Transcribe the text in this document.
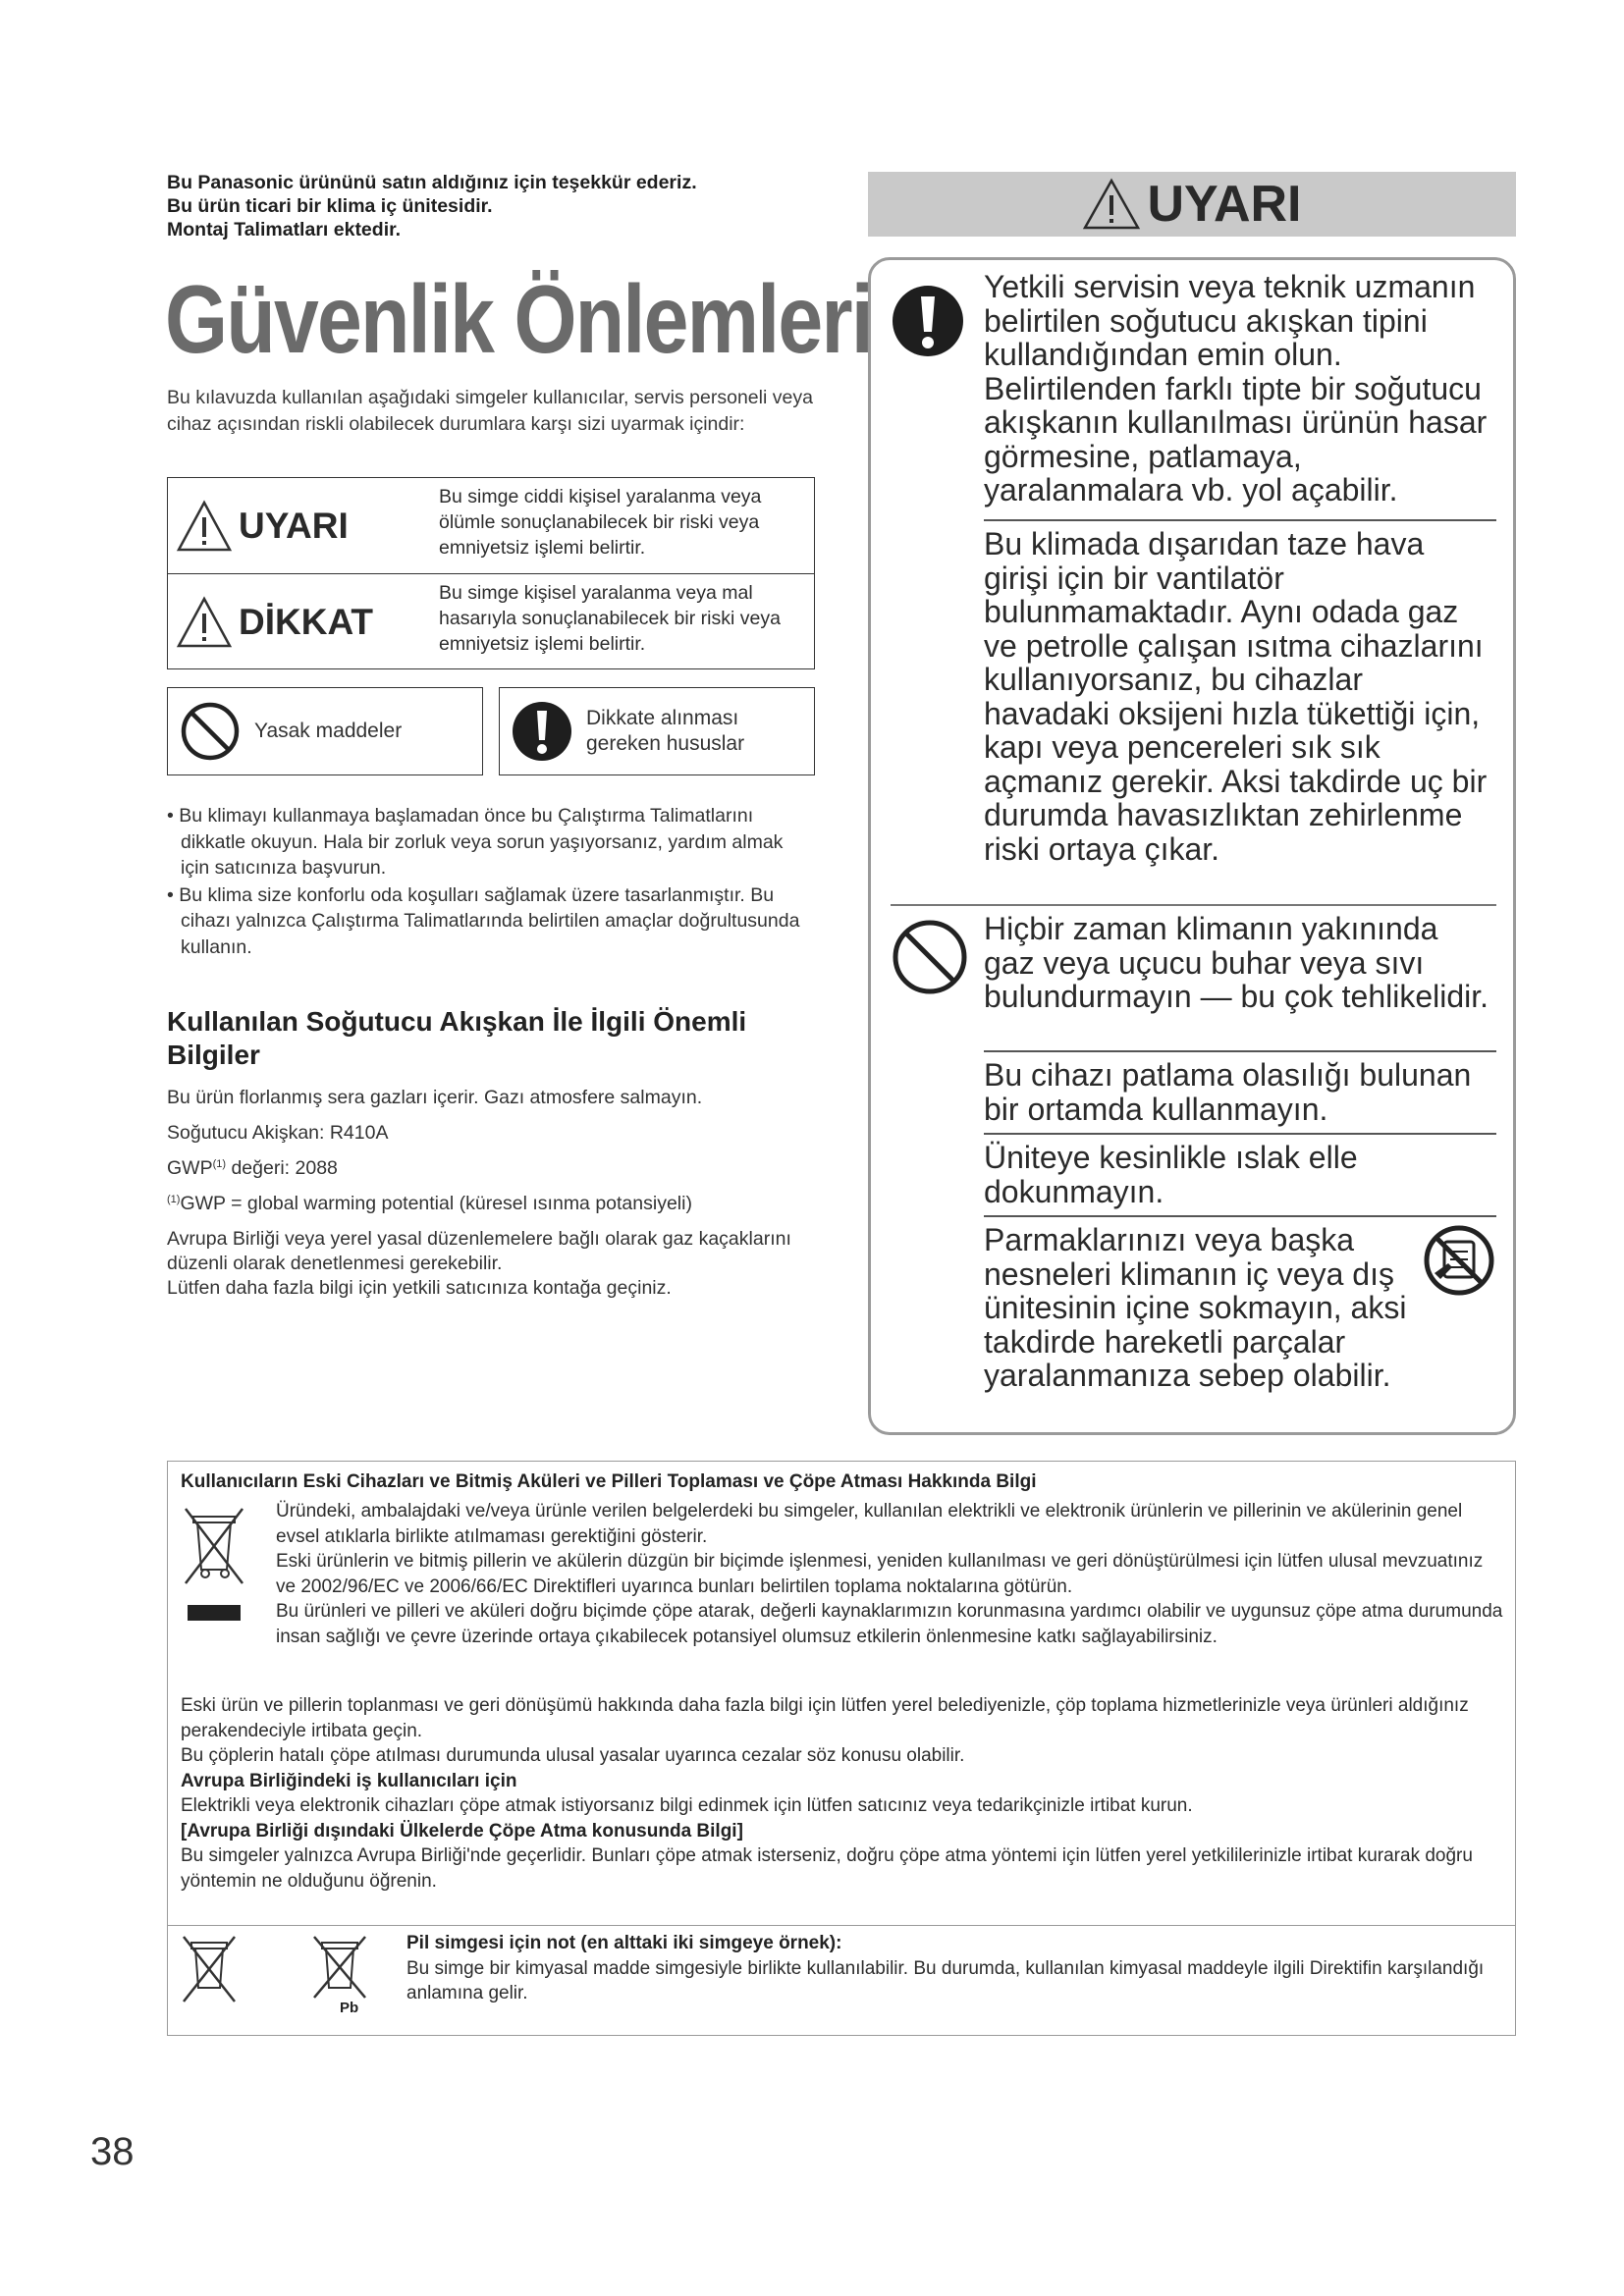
Bu Panasonic ürününü satın aldığınız için teşekkür ederiz.
Bu ürün ticari bir klima iç ünitesidir.
Montaj Talimatları ektedir.
Güvenlik Önlemleri
Bu kılavuzda kullanılan aşağıdaki simgeler kullanıcılar, servis personeli veya cihaz açısından riskli olabilecek durumlara karşı sizi uyarmak içindir:
UYARI
Bu simge ciddi kişisel yaralanma veya ölümle sonuçlanabilecek bir riski veya emniyetsiz işlemi belirtir.
DİKKAT
Bu simge kişisel yaralanma veya mal hasarıyla sonuçlanabilecek bir riski veya emniyetsiz işlemi belirtir.
Yasak maddeler
Dikkate alınması gereken hususlar
• Bu klimayı kullanmaya başlamadan önce bu Çalıştırma Talimatlarını dikkatle okuyun. Hala bir zorluk veya sorun yaşıyorsanız, yardım almak için satıcınıza başvurun.
• Bu klima size konforlu oda koşulları sağlamak üzere tasarlanmıştır. Bu cihazı yalnızca Çalıştırma Talimatlarında belirtilen amaçlar doğrultusunda kullanın.
Kullanılan Soğutucu Akışkan İle İlgili Önemli Bilgiler

Bu ürün florlanmış sera gazları içerir. Gazı atmosfere salmayın.

Soğutucu Akişkan: R410A

GWP$^{(1)}$ değeri: 2088

$^{(1)}$GWP = global warming potential (küresel ısınma potansiyeli)

Avrupa Birliği veya yerel yasal düzenlemelere bağlı olarak gaz kaçaklarını düzenli olarak denetlenmesi gerekebilir.

Lütfen daha fazla bilgi için yetkili satıcınıza kontağa geçiniz.

UYARI
Yetkili servisin veya teknik uzmanın belirtilen soğutucu akışkan tipini kullandığından emin olun. Belirtilenden farklı tipte bir soğutucu akışkanın kullanılması ürünün hasar görmesine, patlamaya, yaralanmalara vb. yol açabilir.
Bu klimada dışarıdan taze hava girişi için bir vantilatör bulunmamaktadır. Aynı odada gaz ve petrolle çalışan ısıtma cihazlarını kullanıyorsanız, bu cihazlar havadaki oksijeni hızla tükettiği için, kapı veya pencereleri sık sık açmanız gerekir. Aksi takdirde uç bir durumda havasızlıktan zehirlenme riski ortaya çıkar.
Hiçbir zaman klimanın yakınında gaz veya uçucu buhar veya sıvı bulundurmayın — bu çok tehlikelidir.
Bu cihazı patlama olasılığı bulunan bir ortamda kullanmayın.
Üniteye kesinlikle ıslak elle dokunmayın.
Parmaklarınızı veya başka nesneleri klimanın iç veya dış ünitesinin içine sokmayın, aksi takdirde hareketli parçalar yaralanmanıza sebep olabilir.
Kullanıcıların Eski Cihazları ve Bitmiş Aküleri ve Pilleri Toplaması ve Çöpe Atması Hakkında Bilgi
Üründeki, ambalajdaki ve/veya ürünle verilen belgelerdeki bu simgeler, kullanılan elektrikli ve elektronik ürünlerin ve pillerinin ve akülerinin genel evsel atıklarla birlikte atılmaması gerektiğini gösterir.
Eski ürünlerin ve bitmiş pillerin ve akülerin düzgün bir biçimde işlenmesi, yeniden kullanılması ve geri dönüştürülmesi için lütfen ulusal mevzuatınız ve 2002/96/EC ve 2006/66/EC Direktifleri uyarınca bunları belirtilen toplama noktalarına götürün.
Bu ürünleri ve pilleri ve aküleri doğru biçimde çöpe atarak, değerli kaynaklarımızın korunmasına yardımcı olabilir ve uygunsuz çöpe atma durumunda insan sağlığı ve çevre üzerinde ortaya çıkabilecek potansiyel olumsuz etkilerin önlenmesine katkı sağlayabilirsiniz.
Eski ürün ve pillerin toplanması ve geri dönüşümü hakkında daha fazla bilgi için lütfen yerel belediyenizle, çöp toplama hizmetlerinizle veya ürünleri aldığınız perakendeciyle irtibata geçin.
Bu çöplerin hatalı çöpe atılması durumunda ulusal yasalar uyarınca cezalar söz konusu olabilir.
Avrupa Birliğindeki iş kullanıcıları için
Elektrikli veya elektronik cihazları çöpe atmak istiyorsanız bilgi edinmek için lütfen satıcınız veya tedarikçinizle irtibat kurun.
[Avrupa Birliği dışındaki Ülkelerde Çöpe Atma konusunda Bilgi]
Bu simgeler yalnızca Avrupa Birliği'nde geçerlidir. Bunları çöpe atmak isterseniz, doğru çöpe atma yöntemi için lütfen yerel yetkililerinizle irtibat kurarak doğru yöntemin ne olduğunu öğrenin.
Pb
Pil simgesi için not (en alttaki iki simgeye örnek):
Bu simge bir kimyasal madde simgesiyle birlikte kullanılabilir. Bu durumda, kullanılan kimyasal maddeyle ilgili Direktifin karşılandığı anlamına gelir.
38
